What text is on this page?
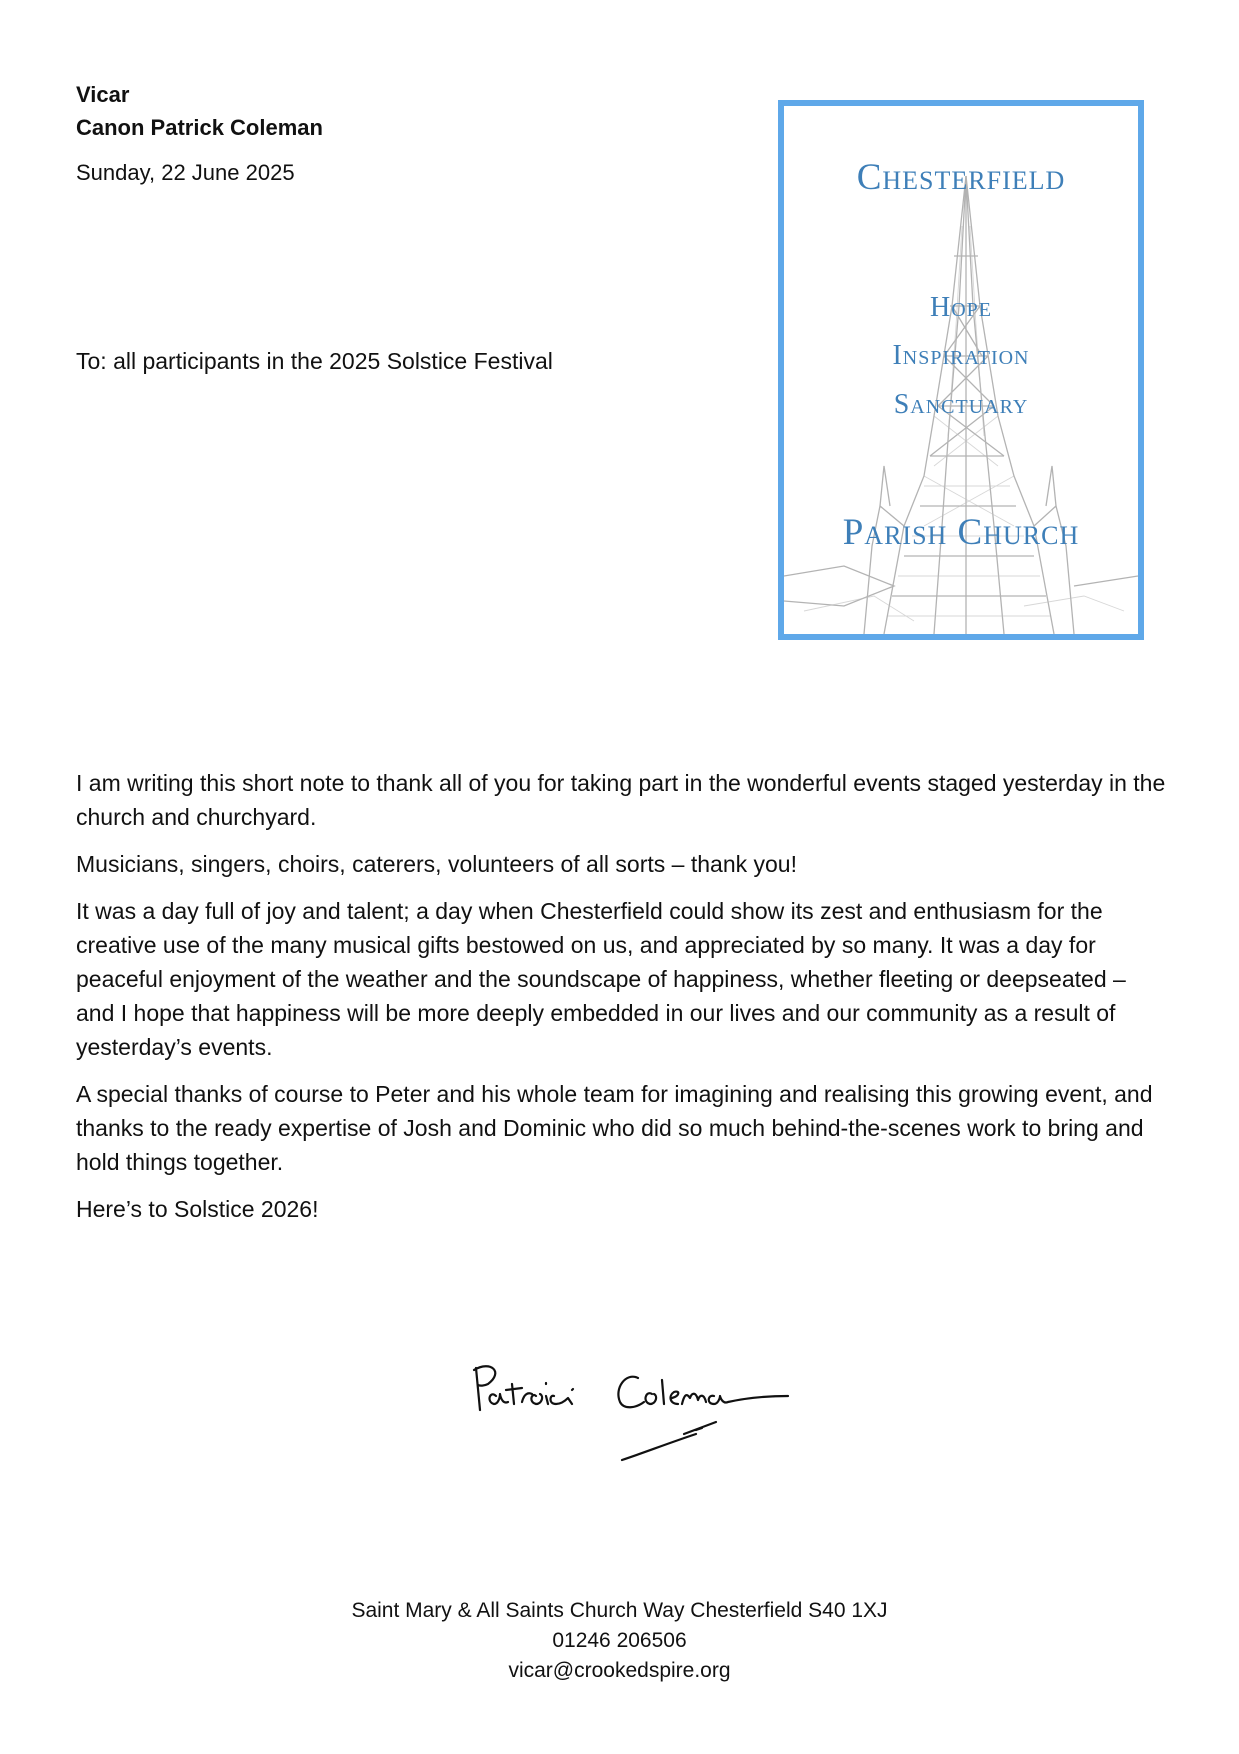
Vicar
Canon Patrick Coleman
Sunday, 22 June 2025
To: all participants in the 2025 Solstice Festival
Chesterfield
Hope
Inspiration
Sanctuary
Parish Church

I am writing this short note to thank all of you for taking part in the wonderful events staged yesterday in the church and churchyard.

Musicians, singers, choirs, caterers, volunteers of all sorts – thank you!

It was a day full of joy and talent; a day when Chesterfield could show its zest and enthusiasm for the creative use of the many musical gifts bestowed on us, and appreciated by so many. It was a day for peaceful enjoyment of the weather and the soundscape of happiness, whether fleeting or deepseated – and I hope that happiness will be more deeply embedded in our lives and our community as a result of yesterday’s events.

A special thanks of course to Peter and his whole team for imagining and realising this growing event, and thanks to the ready expertise of Josh and Dominic who did so much behind-the-scenes work to bring and hold things together.

Here’s to Solstice 2026!

Saint Mary & All Saints Church Way Chesterfield S40 1XJ
01246 206506
vicar@crookedspire.org
